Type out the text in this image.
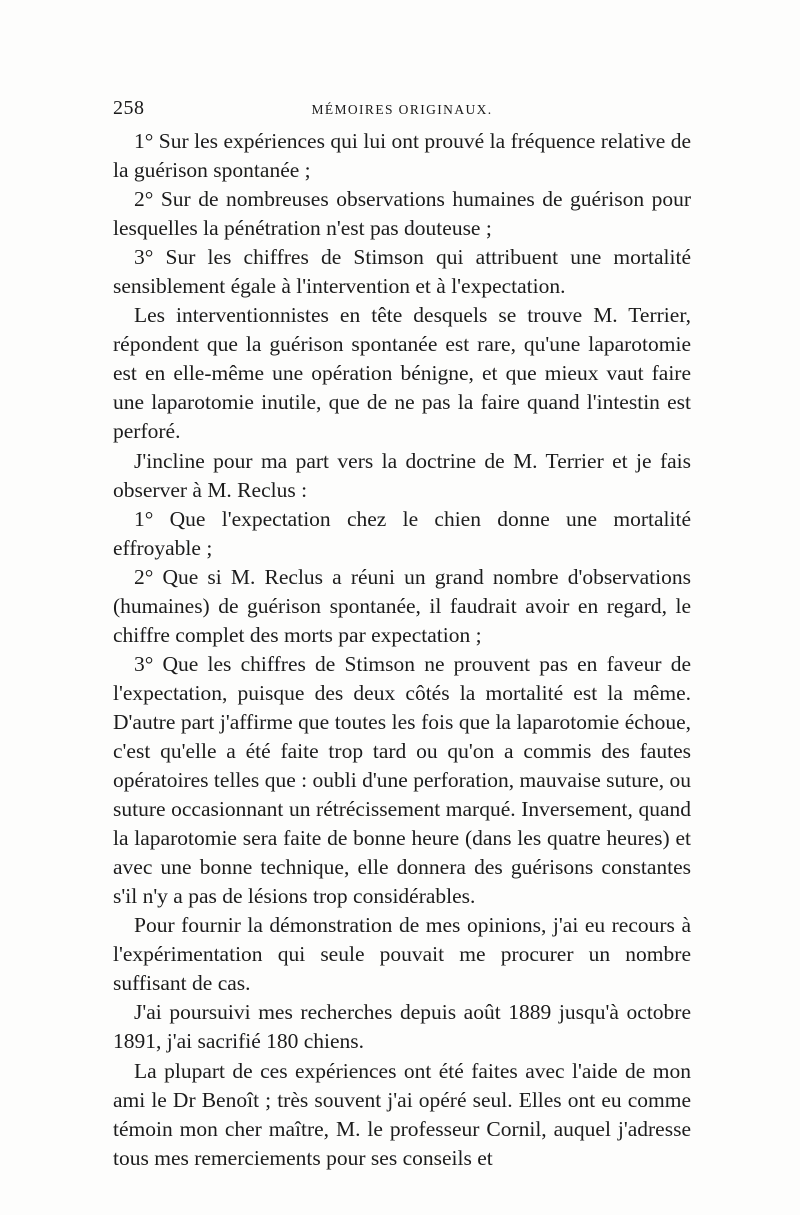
258	MÉMOIRES ORIGINAUX.

1° Sur les expériences qui lui ont prouvé la fréquence relative de la guérison spontanée ;

2° Sur de nombreuses observations humaines de guérison pour lesquelles la pénétration n'est pas douteuse ;

3° Sur les chiffres de Stimson qui attribuent une mortalité sensiblement égale à l'intervention et à l'expectation.

Les interventionnistes en tête desquels se trouve M. Terrier, répondent que la guérison spontanée est rare, qu'une laparotomie est en elle-même une opération bénigne, et que mieux vaut faire une laparotomie inutile, que de ne pas la faire quand l'intestin est perforé.

J'incline pour ma part vers la doctrine de M. Terrier et je fais observer à M. Reclus :

1° Que l'expectation chez le chien donne une mortalité effroyable ;

2° Que si M. Reclus a réuni un grand nombre d'observations (humaines) de guérison spontanée, il faudrait avoir en regard, le chiffre complet des morts par expectation ;

3° Que les chiffres de Stimson ne prouvent pas en faveur de l'expectation, puisque des deux côtés la mortalité est la même. D'autre part j'affirme que toutes les fois que la laparotomie échoue, c'est qu'elle a été faite trop tard ou qu'on a commis des fautes opératoires telles que : oubli d'une perforation, mauvaise suture, ou suture occasionnant un rétrécissement marqué. Inversement, quand la laparotomie sera faite de bonne heure (dans les quatre heures) et avec une bonne technique, elle donnera des guérisons constantes s'il n'y a pas de lésions trop considérables.

Pour fournir la démonstration de mes opinions, j'ai eu recours à l'expérimentation qui seule pouvait me procurer un nombre suffisant de cas.

J'ai poursuivi mes recherches depuis août 1889 jusqu'à octobre 1891, j'ai sacrifié 180 chiens.

La plupart de ces expériences ont été faites avec l'aide de mon ami le Dr Benoît ; très souvent j'ai opéré seul. Elles ont eu comme témoin mon cher maître, M. le professeur Cornil, auquel j'adresse tous mes remerciements pour ses conseils et
